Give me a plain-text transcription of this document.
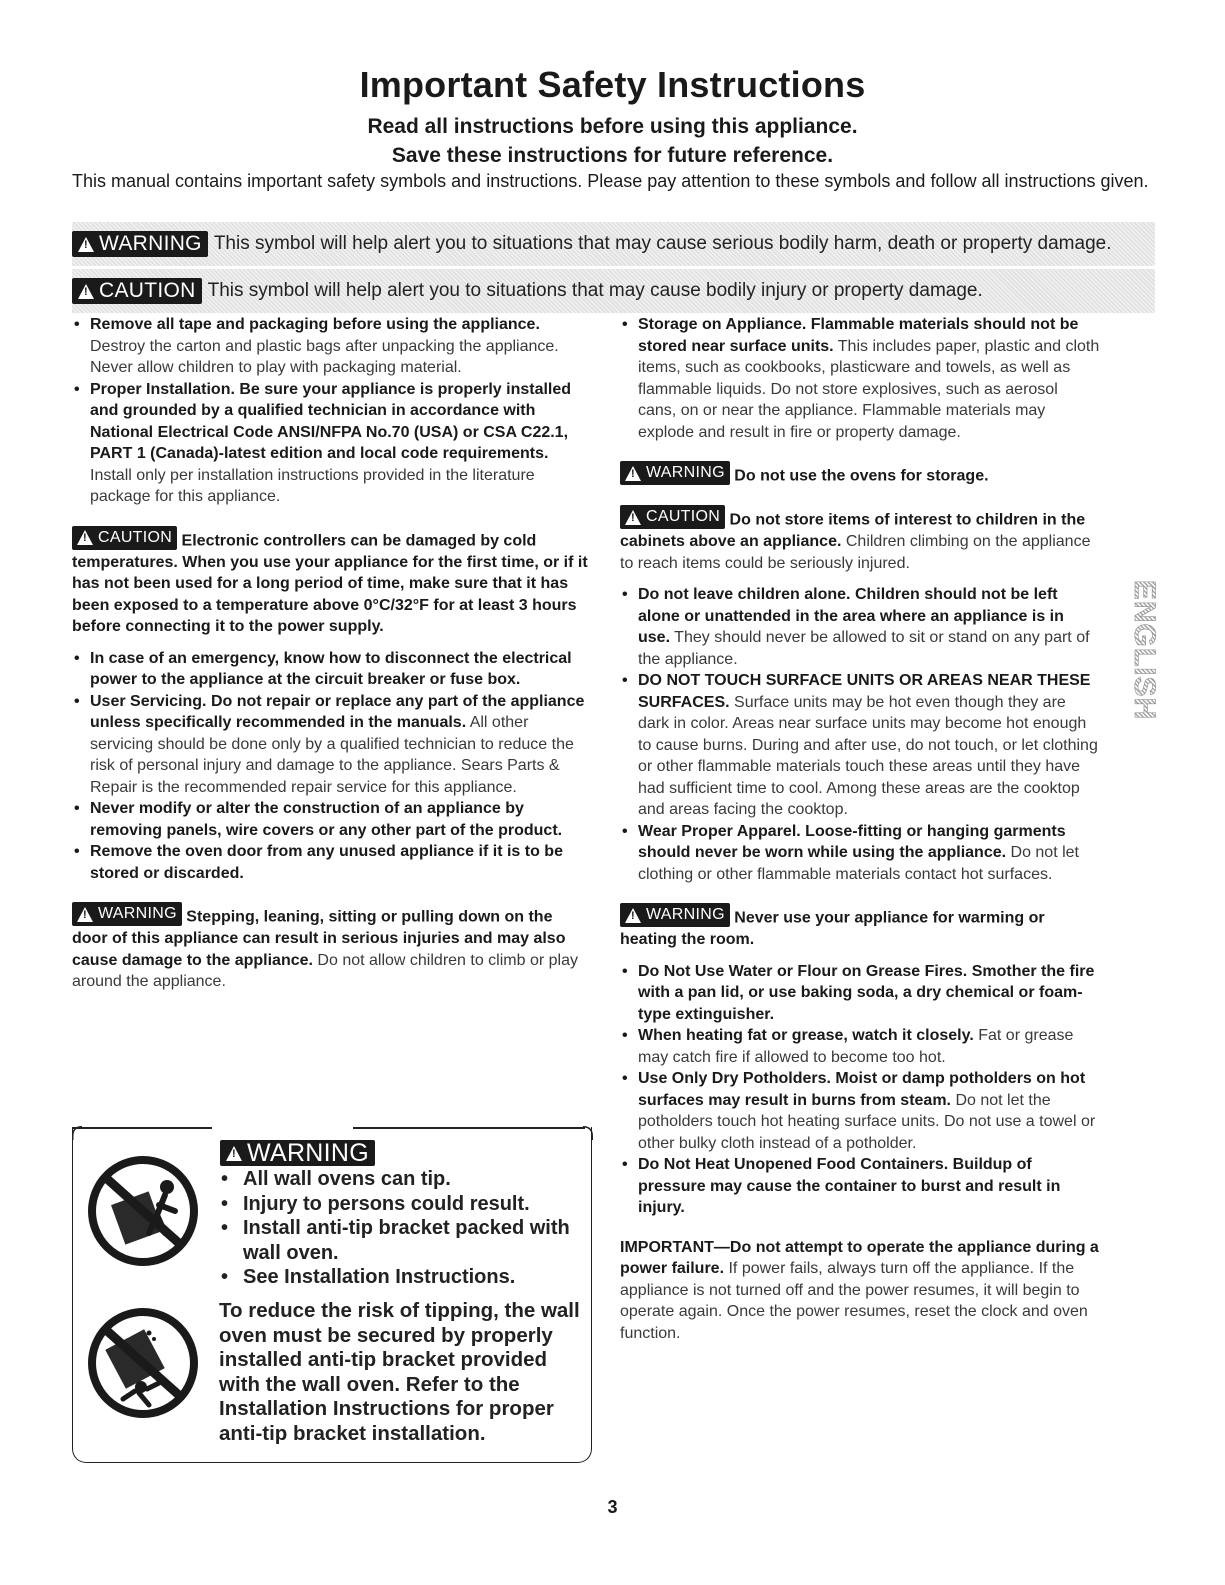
Important Safety Instructions
Read all instructions before using this appliance.
Save these instructions for future reference.
This manual contains important safety symbols and instructions. Please pay attention to these symbols and follow all instructions given.
!
WARNING This symbol will help alert you to situations that may cause serious bodily harm, death or property damage.
!
CAUTION This symbol will help alert you to situations that may cause bodily injury or property damage.
• Remove all tape and packaging before using the appliance. Destroy the carton and plastic bags after unpacking the appliance. Never allow children to play with packaging material.
• Proper Installation. Be sure your appliance is properly installed and grounded by a qualified technician in accordance with National Electrical Code ANSI/NFPA No.70 (USA) or CSA C22.1, PART 1 (Canada)-latest edition and local code requirements. Install only per installation instructions provided in the literature package for this appliance.

!
CAUTION Electronic controllers can be damaged by cold temperatures. When you use your appliance for the first time, or if it has not been used for a long period of time, make sure that it has been exposed to a temperature above 0°C/32°F for at least 3 hours before connecting it to the power supply.

• In case of an emergency, know how to disconnect the electrical power to the appliance at the circuit breaker or fuse box.
• User Servicing. Do not repair or replace any part of the appliance unless specifically recommended in the manuals. All other servicing should be done only by a qualified technician to reduce the risk of personal injury and damage to the appliance. Sears Parts & Repair is the recommended repair service for this appliance.
• Never modify or alter the construction of an appliance by removing panels, wire covers or any other part of the product.
• Remove the oven door from any unused appliance if it is to be stored or discarded.

!
WARNING Stepping, leaning, sitting or pulling down on the door of this appliance can result in serious injuries and may also cause damage to the appliance. Do not allow children to climb or play around the appliance.

!
WARNING
• All wall ovens can tip.
• Injury to persons could result.
• Install anti-tip bracket packed with
wall oven.
• See Installation Instructions.
To reduce the risk of tipping, the wall oven must be secured by properly installed anti-tip bracket provided with the wall oven. Refer to the Installation Instructions for proper anti-tip bracket installation.
• Storage on Appliance. Flammable materials should not be stored near surface units. This includes paper, plastic and cloth items, such as cookbooks, plasticware and towels, as well as flammable liquids. Do not store explosives, such as aerosol cans, on or near the appliance. Flammable materials may explode and result in fire or property damage.

!
WARNING Do not use the ovens for storage.

!
CAUTION Do not store items of interest to children in the cabinets above an appliance. Children climbing on the appliance to reach items could be seriously injured.

• Do not leave children alone. Children should not be left alone or unattended in the area where an appliance is in use. They should never be allowed to sit or stand on any part of the appliance.
• DO NOT TOUCH SURFACE UNITS OR AREAS NEAR THESE SURFACES. Surface units may be hot even though they are dark in color. Areas near surface units may become hot enough to cause burns. During and after use, do not touch, or let clothing or other flammable materials touch these areas until they have had sufficient time to cool. Among these areas are the cooktop and areas facing the cooktop.
• Wear Proper Apparel. Loose-fitting or hanging garments should never be worn while using the appliance. Do not let clothing or other flammable materials contact hot surfaces.

!
WARNING Never use your appliance for warming or heating the room.

• Do Not Use Water or Flour on Grease Fires. Smother the fire with a pan lid, or use baking soda, a dry chemical or foam-type extinguisher.
• When heating fat or grease, watch it closely. Fat or grease may catch fire if allowed to become too hot.
• Use Only Dry Potholders. Moist or damp potholders on hot surfaces may result in burns from steam. Do not let the potholders touch hot heating surface units. Do not use a towel or other bulky cloth instead of a potholder.
• Do Not Heat Unopened Food Containers. Buildup of pressure may cause the container to burst and result in injury.

IMPORTANT—Do not attempt to operate the appliance during a power failure. If power fails, always turn off the appliance. If the appliance is not turned off and the power resumes, it will begin to operate again. Once the power resumes, reset the clock and oven function.

ENGLISH
3
